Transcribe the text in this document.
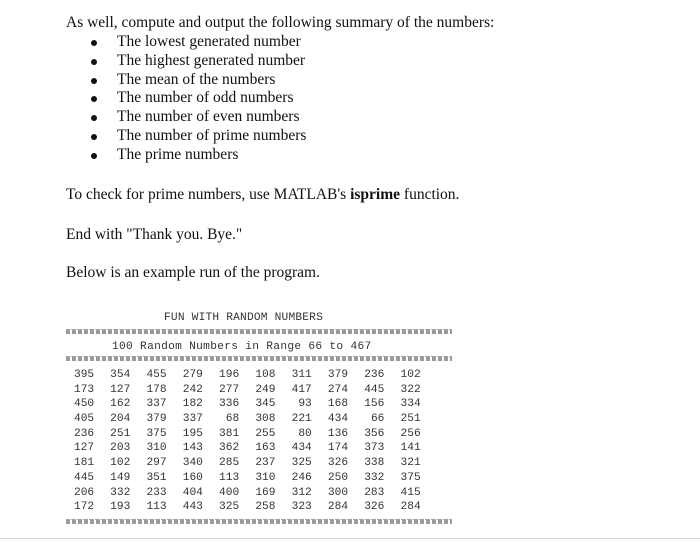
As well, compute and output the following summary of the numbers:
The lowest generated number
The highest generated number
The mean of the numbers
The number of odd numbers
The number of even numbers
The number of prime numbers
The prime numbers
To check for prime numbers, use MATLAB's isprime function.
End with "Thank you. Bye."
Below is an example run of the program.
FUN WITH RANDOM NUMBERS
100 Random Numbers in Range 66 to 467
395 354 455 279 196 108 311 379 236 102
173 127 178 242 277 249 417 274 445 322
450 162 337 182 336 345 93 168 156 334
405 204 379 337 68 308 221 434 66 251
236 251 375 195 381 255 80 136 356 256
127 203 310 143 362 163 434 174 373 141
181 102 297 340 285 237 325 326 338 321
445 149 351 160 113 310 246 250 332 375
206 332 233 404 400 169 312 300 283 415
172 193 113 443 325 258 323 284 326 284
